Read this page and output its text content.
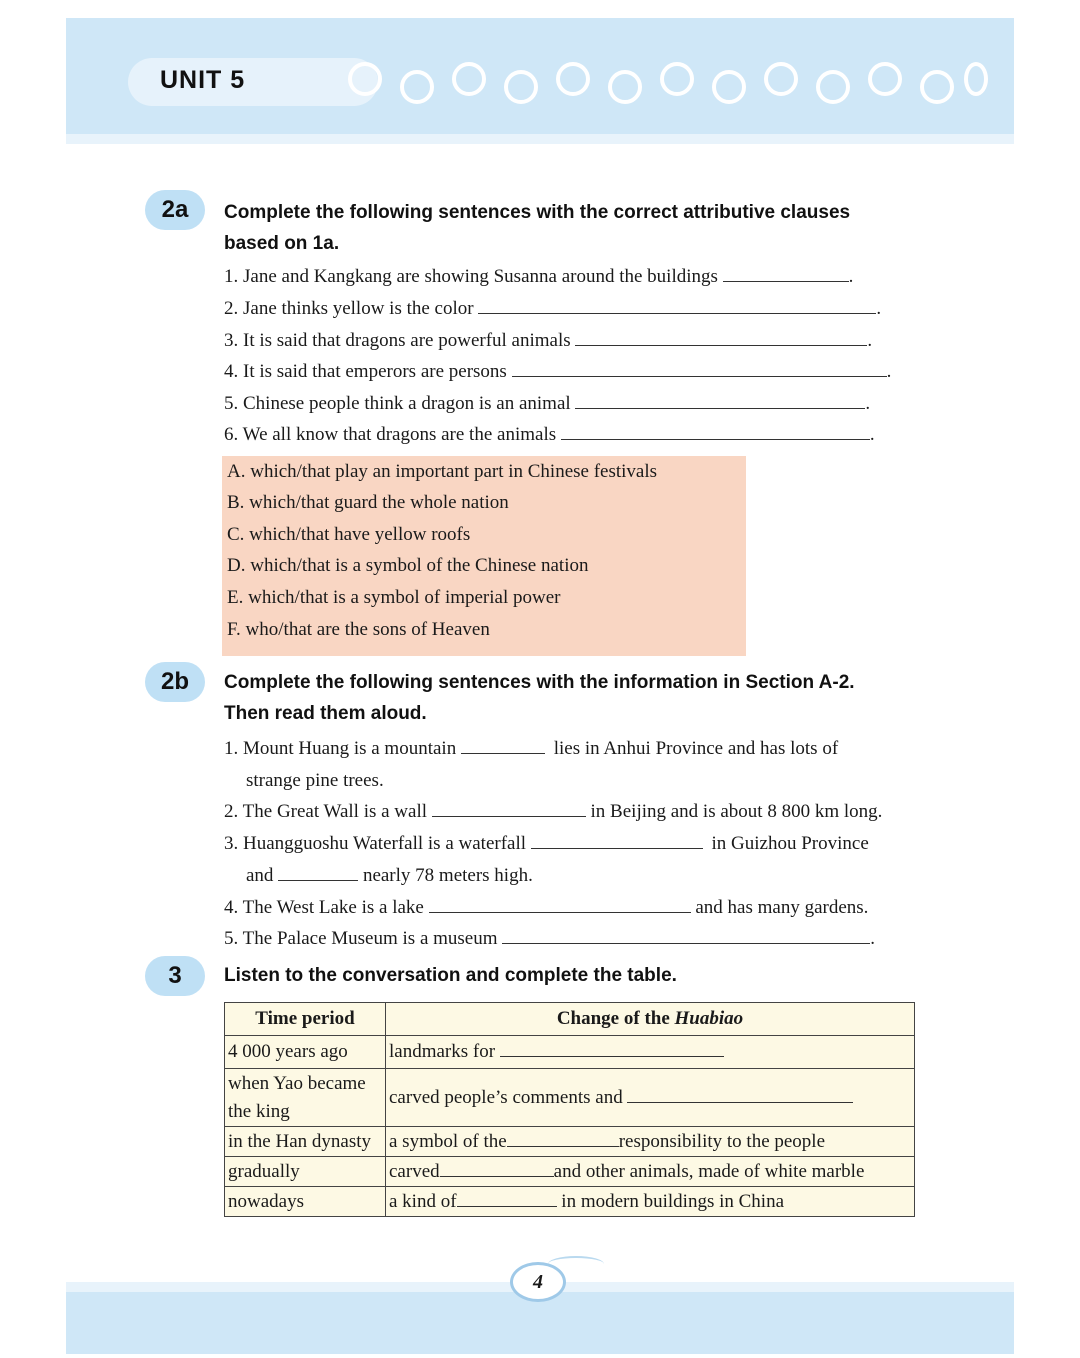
UNIT 5
2a	Complete the following sentences with the correct attributive clauses
based on 1a.
1. Jane and Kangkang are showing Susanna around the buildings	.
2. Jane thinks yellow is the color	.
3. It is said that dragons are powerful animals	.
4. It is said that emperors are persons	.
5. Chinese people think a dragon is an animal	.
6. We all know that dragons are the animals	.
A. which/that play an important part in Chinese festivals
B. which/that guard the whole nation
C. which/that have yellow roofs
D. which/that is a symbol of the Chinese nation
E. which/that is a symbol of imperial power
F. who/that are the sons of Heaven
2b	Complete the following sentences with the information in Section A-2.
Then read them aloud.
1. Mount Huang is a mountain	lies in Anhui Province and has lots of
strange pine trees.
2. The Great Wall is a wall	in Beijing and is about 8 800 km long.
3. Huangguoshu Waterfall is a waterfall	in Guizhou Province
and	nearly 78 meters high.
4. The West Lake is a lake	and has many gardens.
5. The Palace Museum is a museum	.
3	Listen to the conversation and complete the table.
Time period	Change of the Huabiao
4 000 years ago	landmarks for
when Yao became
the king	carved people’s comments and
in the Han dynasty	a symbol of the responsibility to the people
gradually	carved and other animals, made of white marble
nowadays	a kind of in modern buildings in China
4
